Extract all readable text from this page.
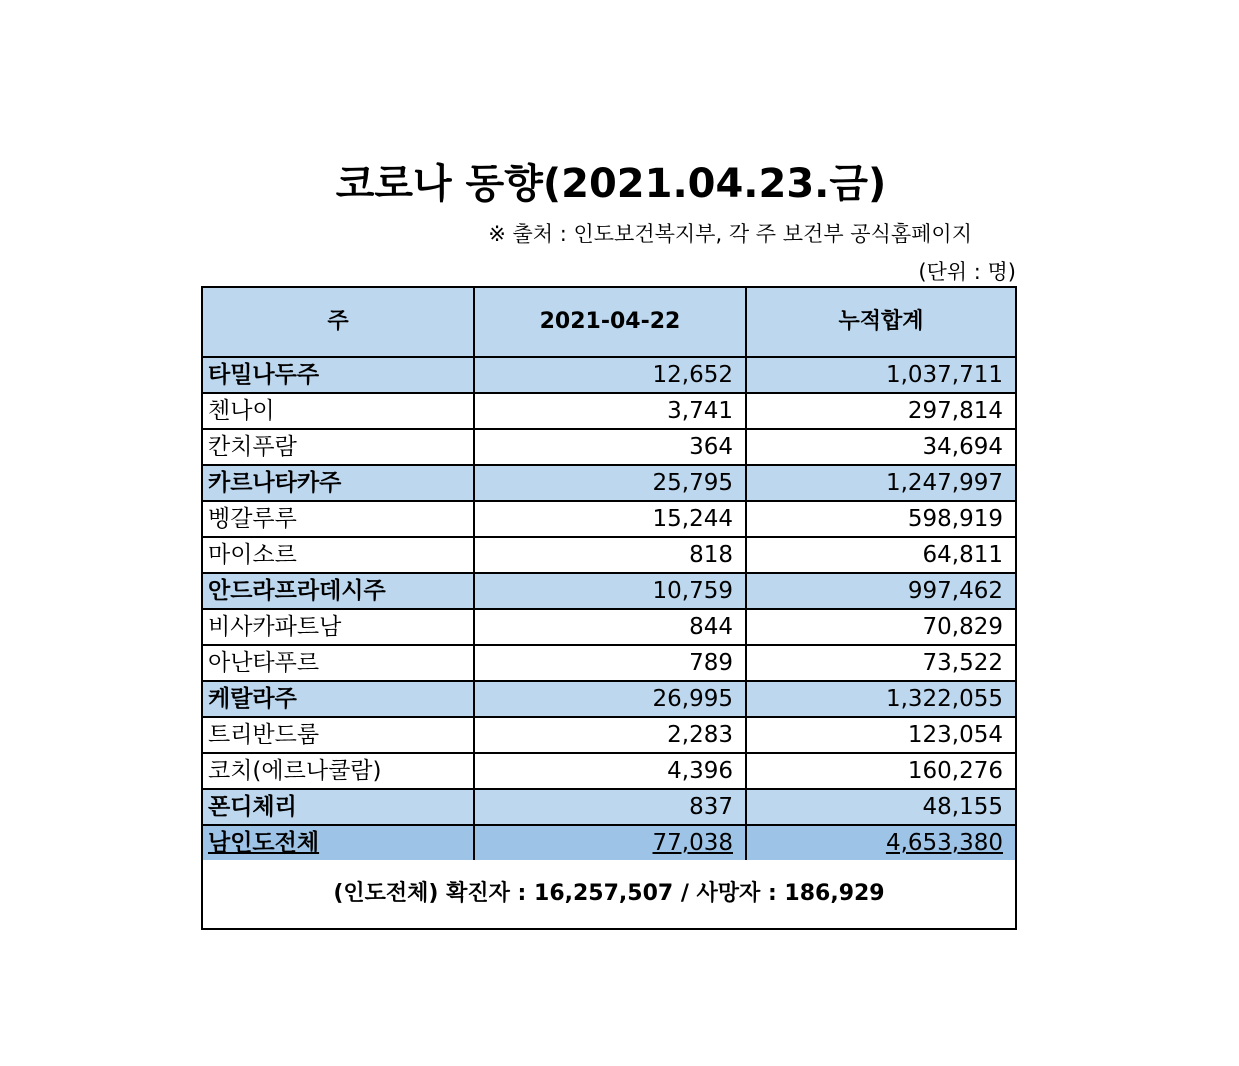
코로나 동향(2021.04.23.금)
※ 출처 : 인도보건복지부, 각 주 보건부 공식홈페이지
(단위 : 명)
주	2021-04-22	누적합계
타밀나두주	12,652	1,037,711
첸나이	3,741	297,814
칸치푸람	364	34,694
카르나타카주	25,795	1,247,997
벵갈루루	15,244	598,919
마이소르	818	64,811
안드라프라데시주	10,759	997,462
비사카파트남	844	70,829
아난타푸르	789	73,522
케랄라주	26,995	1,322,055
트리반드룸	2,283	123,054
코치(에르나쿨람)	4,396	160,276
폰디체리	837	48,155
남인도전체	77,038	4,653,380
(인도전체) 확진자 : 16,257,507 / 사망자 : 186,929
